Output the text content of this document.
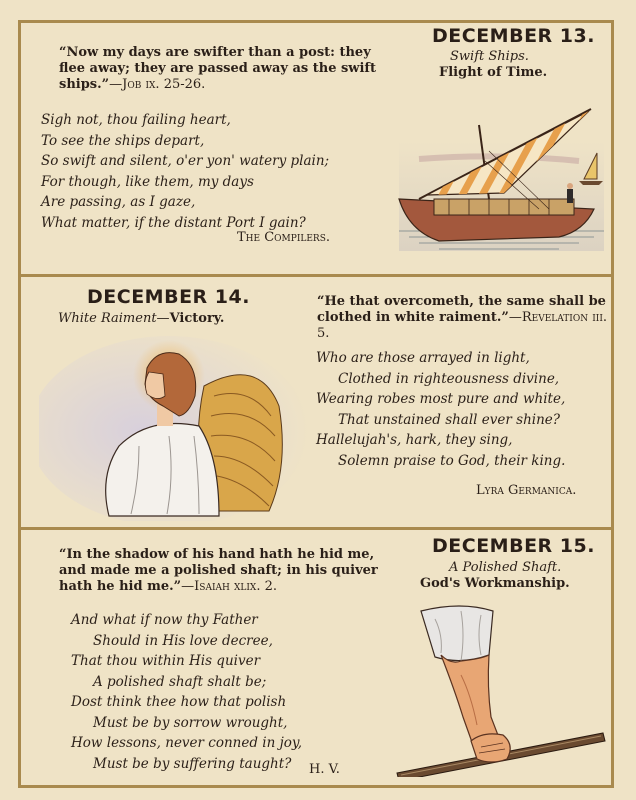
“Now my days are swifter than a post: they flee away; they are passed away as the swift ships.”—Job ix. 25-26.
Sigh not, thou failing heart,
To see the ships depart,
So swift and silent, o'er yon' watery plain;
For though, like them, my days
Are passing, as I gaze,
What matter, if the distant Port I gain?
The Compilers.
DECEMBER 13.
Swift Ships.
Flight of Time.
DECEMBER 14.
White Raiment—Victory.
“He that overcometh, the same shall be clothed in white raiment.”—Revelation iii. 5.
Who are those arrayed in light,
Clothed in righteousness divine,
Wearing robes most pure and white,
That unstained shall ever shine?
Hallelujah's, hark, they sing,
Solemn praise to God, their king.
Lyra Germanica.
“In the shadow of his hand hath he hid me, and made me a polished shaft; in his quiver hath he hid me.”—Isaiah xlix. 2.
And what if now thy Father
Should in His love decree,
That thou within His quiver
A polished shaft shalt be;
Dost think thee how that polish
Must be by sorrow wrought,
How lessons, never conned in joy,
Must be by suffering taught?	H. V.
DECEMBER 15.
A Polished Shaft.
God's Workmanship.
